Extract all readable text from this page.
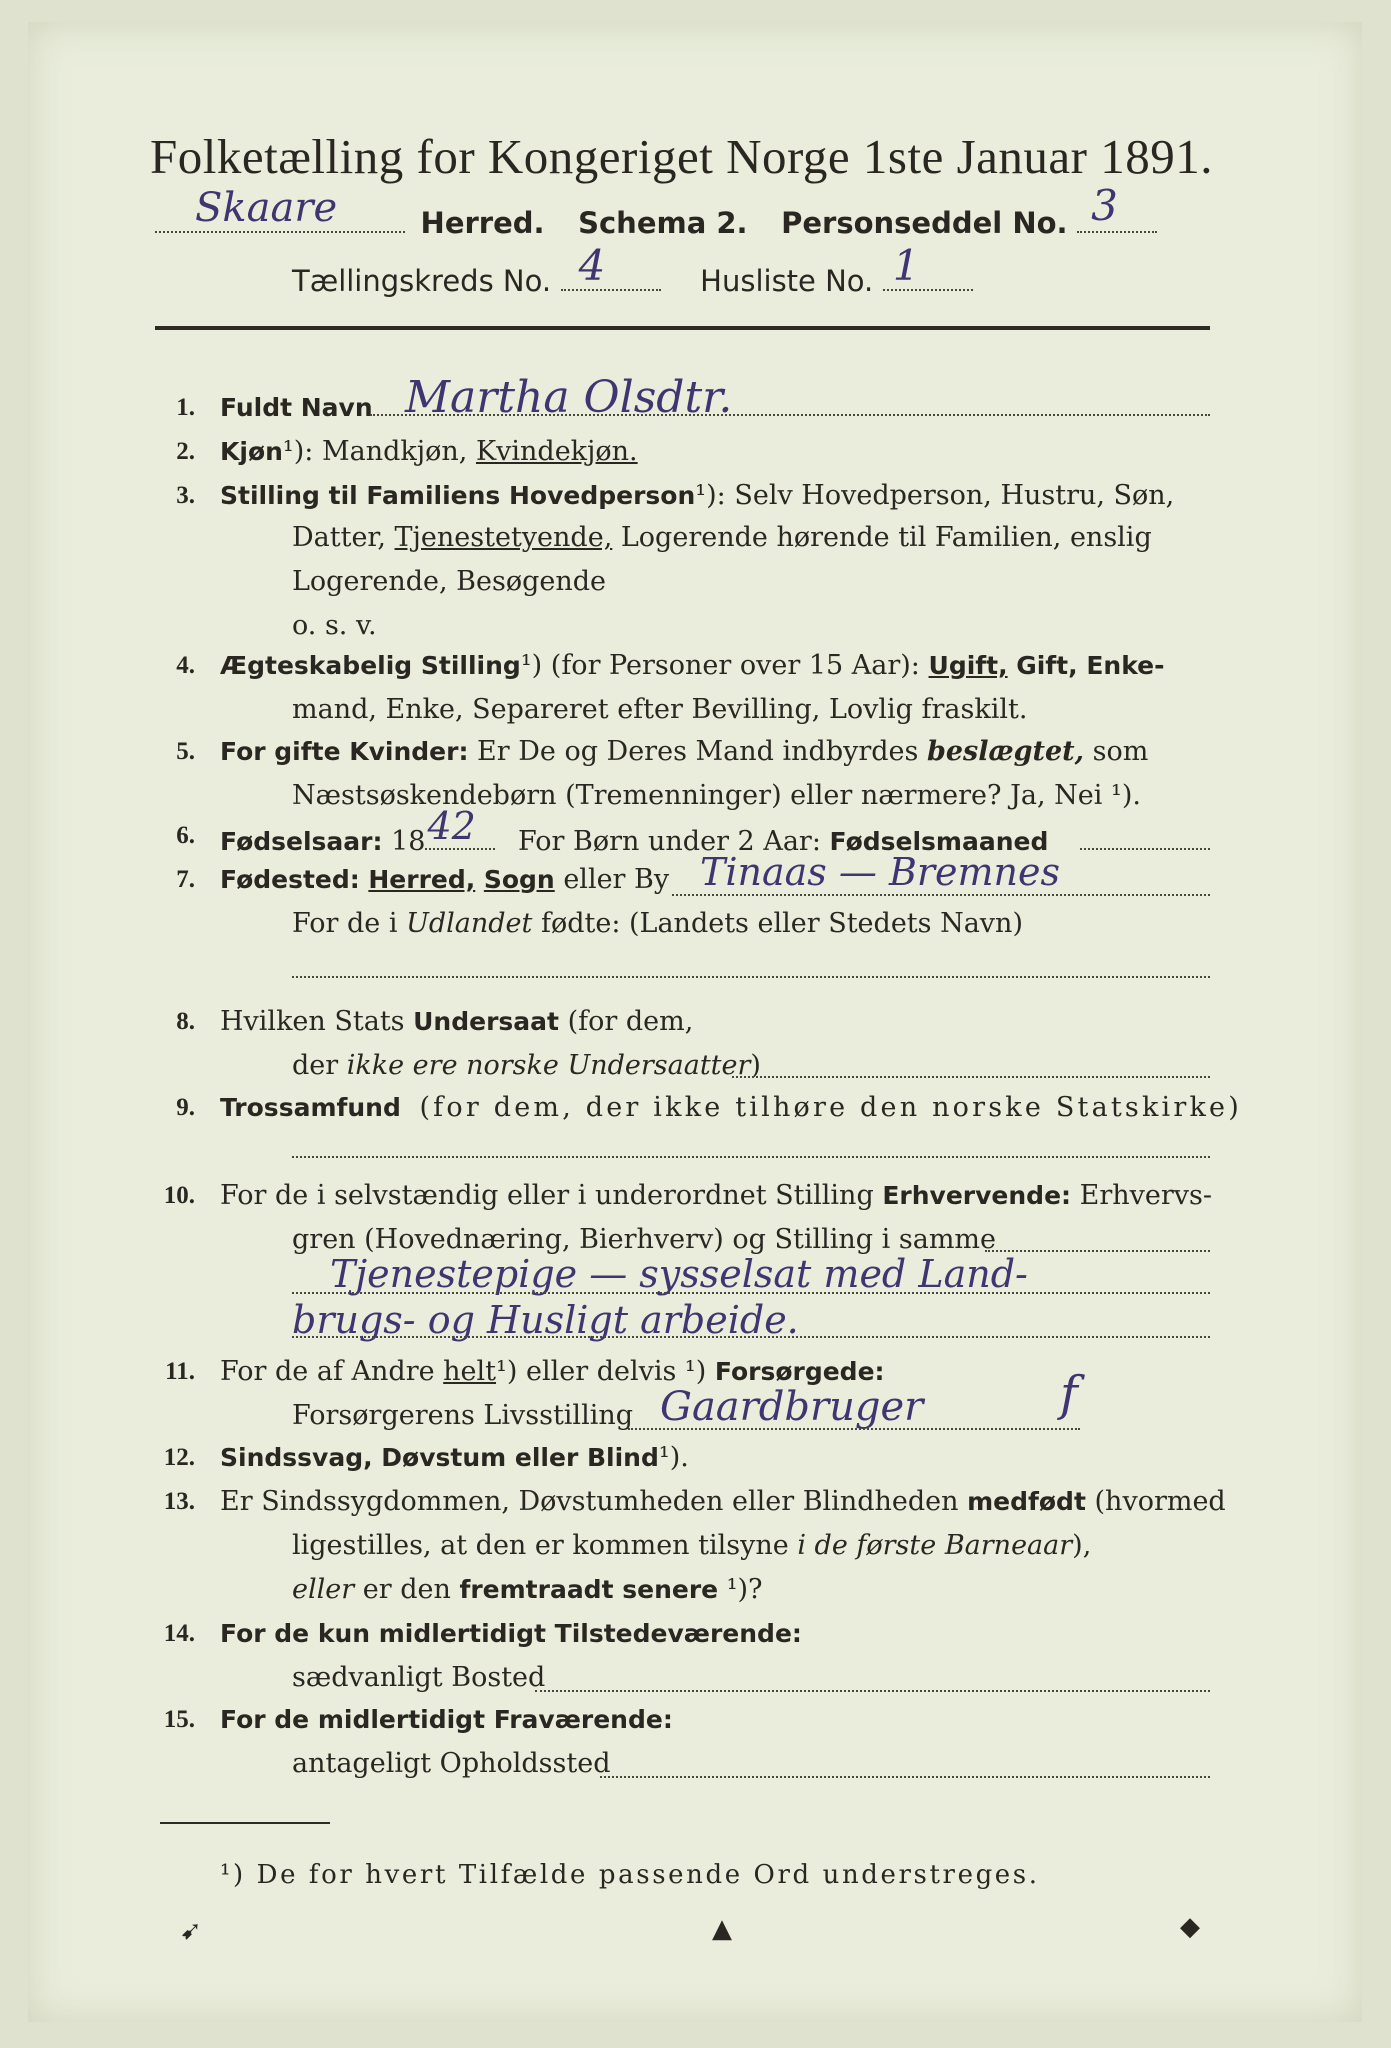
Folketælling for Kongeriget Norge 1ste Januar 1891.
Skaare	Herred. Schema 2. Personseddel No. 3
Tællingskreds No. 4	Husliste No. 1
1. Fuldt Navn Martha Olsdtr.
2. Kjøn¹): Mandkjøn, Kvindekjøn.
3. Stilling til Familiens Hovedperson¹): Selv Hovedperson, Hustru, Søn,
Datter, Tjenestetyende, Logerende hørende til Familien, enslig
Logerende, Besøgende
o. s. v.
4. Ægteskabelig Stilling¹) (for Personer over 15 Aar): Ugift, Gift, Enke-
mand, Enke, Separeret efter Bevilling, Lovlig fraskilt.
5. For gifte Kvinder: Er De og Deres Mand indbyrdes beslægtet, som
Næstsøskendebørn (Tremenninger) eller nærmere? Ja, Nei ¹).
6. Fødselsaar: 18 42 For Børn under 2 Aar: Fødselsmaaned
7. Fødested: Herred, Sogn eller By Tinaas — Bremnes
For de i Udlandet fødte: (Landets eller Stedets Navn)
8. Hvilken Stats Undersaat (for dem,
der ikke ere norske Undersaatter)
9. Trossamfund (for dem, der ikke tilhøre den norske Statskirke)
10. For de i selvstændig eller i underordnet Stilling Erhvervende: Erhvervs-
gren (Hovednæring, Bierhverv) og Stilling i samme
Tjenestepige — sysselsat med Land-
brugs- og Husligt arbeide.
11. For de af Andre helt¹) eller delvis ¹) Forsørgede:
Forsørgerens Livsstilling Gaardbruger	f
12. Sindssvag, Døvstum eller Blind¹).
13. Er Sindssygdommen, Døvstumheden eller Blindheden medfødt (hvormed
ligestilles, at den er kommen tilsyne i de første Barneaar),
eller er den fremtraadt senere ¹)?
14. For de kun midlertidigt Tilstedeværende:
sædvanligt Bosted
15. For de midlertidigt Fraværende:
antageligt Opholdssted
¹) De for hvert Tilfælde passende Ord understreges.
➹	▲	◆
